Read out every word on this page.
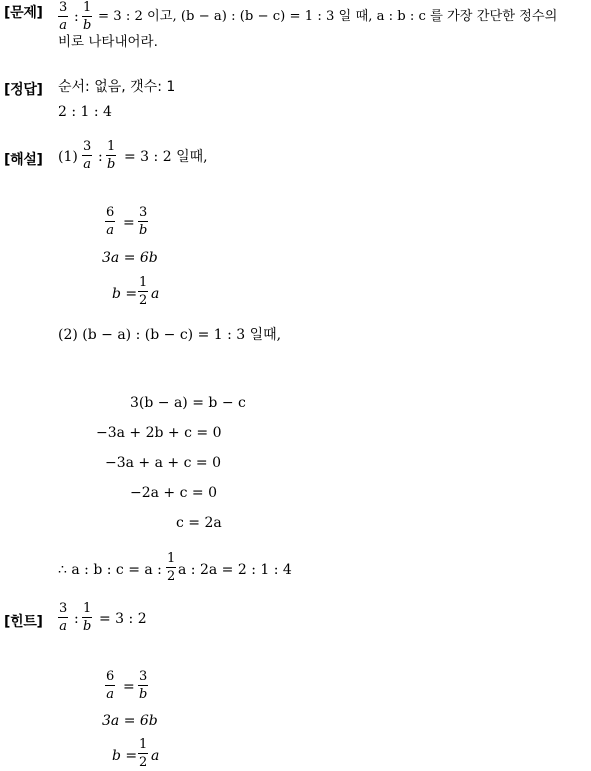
[문제] 3
a
:
1
b
= 3 : 2 이고, (b − a) : (b − c) = 1 : 3 일 때, a : b : c 를 가장 간단한 정수의
비로 나타내어라.
[정답] 순서: 없음, 갯수: 1
2 : 1 : 4
[해설] (1)
3
a :
1
b = 3 : 2 일때,
6
a =
3
b
3a = 6b
b =
1
2 a
(2) (b − a) : (b − c) = 1 : 3 일때,
3(b − a) = b − c
−3a + 2b + c = 0
−3a + a + c = 0
−2a + c = 0
c = 2a
∴ a : b : c = a :
1
2 a : 2a = 2 : 1 : 4
[힌트]
3
a :
1
b = 3 : 2
6
a =
3
b
3a = 6b
b =
1
2 a
